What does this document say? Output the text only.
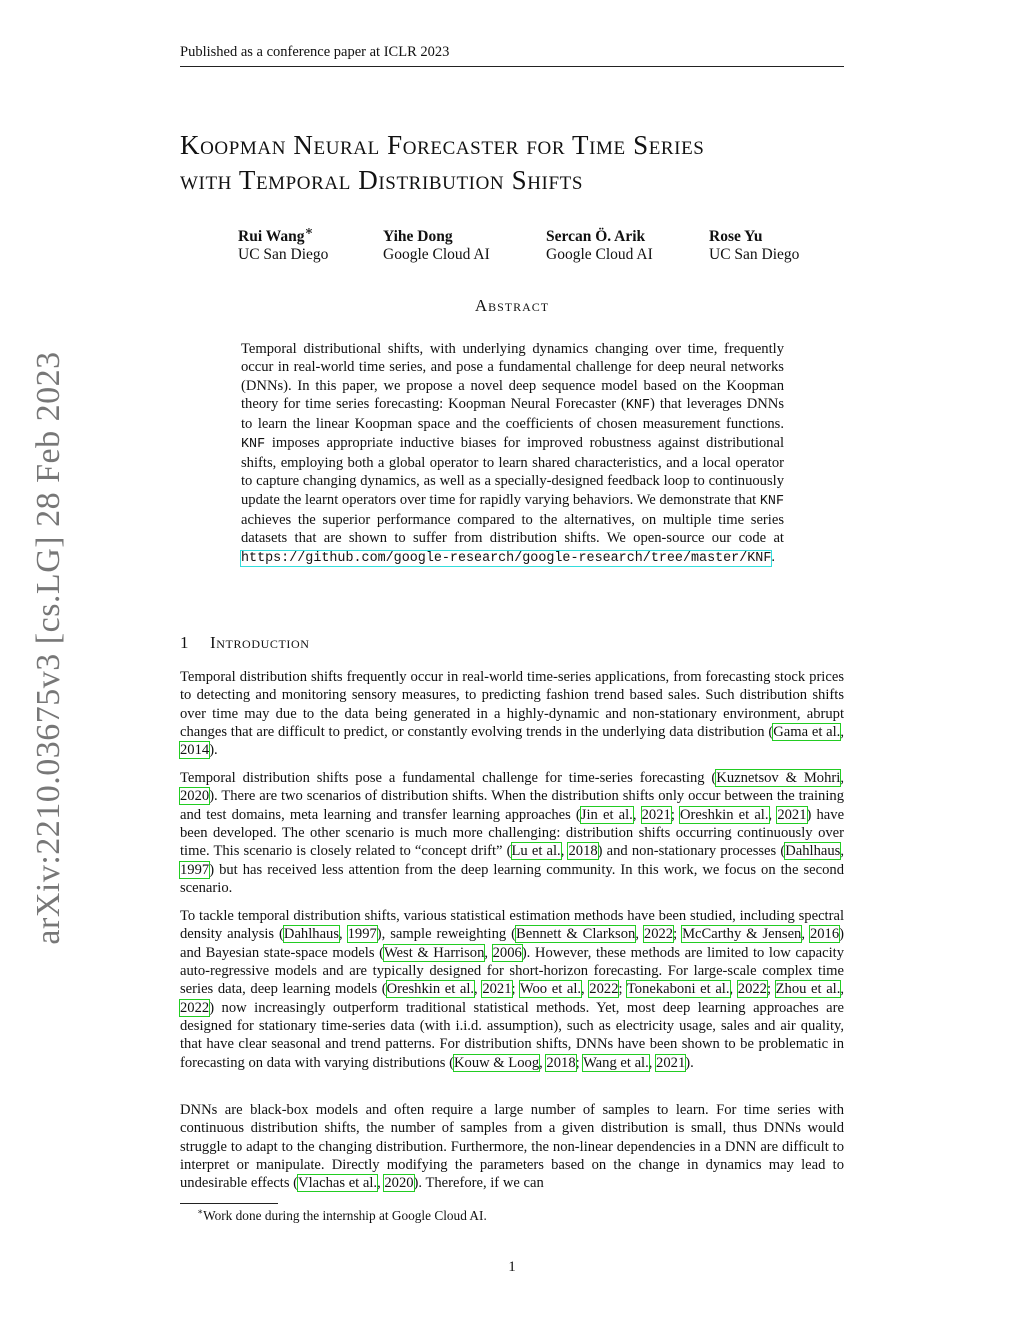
Published as a conference paper at ICLR 2023
arXiv:2210.03675v3 [cs.LG] 28 Feb 2023
Koopman Neural Forecaster for Time Series
with Temporal Distribution Shifts
Rui Wang∗
UC San Diego
Yihe Dong
Google Cloud AI
Sercan Ö. Arik
Google Cloud AI
Rose Yu
UC San Diego
Abstract
Temporal distributional shifts, with underlying dynamics changing over time, frequently occur in real-world time series, and pose a fundamental challenge for deep neural networks (DNNs). In this paper, we propose a novel deep sequence model based on the Koopman theory for time series forecasting: Koopman Neural Forecaster (KNF) that leverages DNNs to learn the linear Koopman space and the coefficients of chosen measurement functions. KNF imposes appropriate inductive biases for improved robustness against distributional shifts, employing both a global operator to learn shared characteristics, and a local operator to capture changing dynamics, as well as a specially-designed feedback loop to continuously update the learnt operators over time for rapidly varying behaviors. We demonstrate that KNF achieves the superior performance compared to the alternatives, on multiple time series datasets that are shown to suffer from distribution shifts. We open-source our code at https://github.com/google-research/google-research/tree/master/KNF.
1 Introduction
Temporal distribution shifts frequently occur in real-world time-series applications, from forecasting stock prices to detecting and monitoring sensory measures, to predicting fashion trend based sales. Such distribution shifts over time may due to the data being generated in a highly-dynamic and non-stationary environment, abrupt changes that are difficult to predict, or constantly evolving trends in the underlying data distribution (Gama et al., 2014).
Temporal distribution shifts pose a fundamental challenge for time-series forecasting (Kuznetsov & Mohri, 2020). There are two scenarios of distribution shifts. When the distribution shifts only occur between the training and test domains, meta learning and transfer learning approaches (Jin et al., 2021; Oreshkin et al., 2021) have been developed. The other scenario is much more challenging: distribution shifts occurring continuously over time. This scenario is closely related to “concept drift” (Lu et al., 2018) and non-stationary processes (Dahlhaus, 1997) but has received less attention from the deep learning community. In this work, we focus on the second scenario.
To tackle temporal distribution shifts, various statistical estimation methods have been studied, including spectral density analysis (Dahlhaus, 1997), sample reweighting (Bennett & Clarkson, 2022; McCarthy & Jensen, 2016) and Bayesian state-space models (West & Harrison, 2006). However, these methods are limited to low capacity auto-regressive models and are typically designed for short-horizon forecasting. For large-scale complex time series data, deep learning models (Oreshkin et al., 2021; Woo et al., 2022; Tonekaboni et al., 2022; Zhou et al., 2022) now increasingly outperform traditional statistical methods. Yet, most deep learning approaches are designed for stationary time-series data (with i.i.d. assumption), such as electricity usage, sales and air quality, that have clear seasonal and trend patterns. For distribution shifts, DNNs have been shown to be problematic in forecasting on data with varying distributions (Kouw & Loog, 2018; Wang et al., 2021).
DNNs are black-box models and often require a large number of samples to learn. For time series with continuous distribution shifts, the number of samples from a given distribution is small, thus DNNs would struggle to adapt to the changing distribution. Furthermore, the non-linear dependencies in a DNN are difficult to interpret or manipulate. Directly modifying the parameters based on the change in dynamics may lead to undesirable effects (Vlachas et al., 2020). Therefore, if we can
∗Work done during the internship at Google Cloud AI.
1
